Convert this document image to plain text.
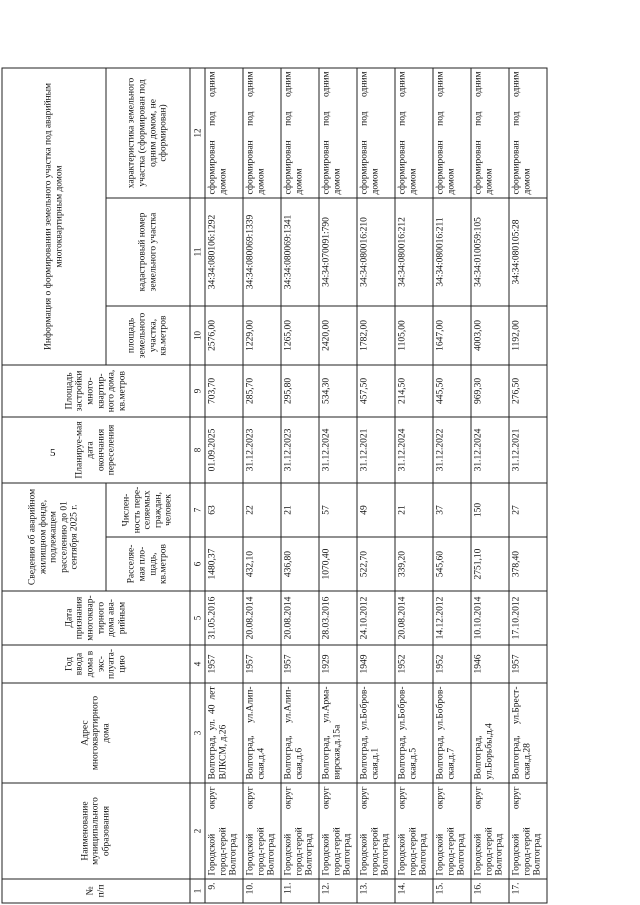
5
№ п/п	Наименование муниципального образования	Адрес многоквартирного дома	Год ввода дома в экс-плуата-цию	Дата признания многоквар-тирного дома ава-рийным	Сведения об аварийном жилищном фонде, подлежащем расселению до 01 сентября 2025 г.		Планируе-мая дата окончания переселения	Площадь застройки много-квартир-ного дома, кв.метров	Информация о формировании земельного участка под аварийным многоквартирным домом		
					Расселяе-мая пло-щадь, кв.метров	Числен-ность пере-селяемых граждан, человек			площадь земельного участка, кв.метров	кадастровый номер земельного участка	характеристика земельного участка (сформирован под одним домом, не сформирован)
1	2	3	4	5	6	7	8	9	10	11	12
9.	Городской округ город-герой Волгоград	Волгоград, ул. 40 лет ВЛКСМ, д.26	1957	31.05.2016	1480,37	63	01.09.2025	703,70	2576,00	34:34:080106:1292	сформирован под одним домом
10.	Городской округ город-герой Волгоград	Волгоград, ул.Алип-ская,д.4	1957	20.08.2014	432,10	22	31.12.2023	285,70	1229,00	34:34:080069:1339	сформирован под одним домом
11.	Городской округ город-герой Волгоград	Волгоград, ул.Алип-ская,д.6	1957	20.08.2014	436,80	21	31.12.2023	295,80	1265,00	34:34:080069:1341	сформирован под одним домом
12.	Городской округ город-герой Волгоград	Волгоград, ул.Арма-вирская,д.15а	1929	28.03.2016	1070,40	57	31.12.2024	534,30	2420,00	34:34:070091:790	сформирован под одним домом
13.	Городской округ город-герой Волгоград	Волгоград, ул.Бобров-ская,д.1	1949	24.10.2012	522,70	49	31.12.2021	457,50	1782,00	34:34:080016:210	сформирован под одним домом
14.	Городской округ город-герой Волгоград	Волгоград, ул.Бобров-ская,д.5	1952	20.08.2014	339,20	21	31.12.2024	214,50	1105,00	34:34:080016:212	сформирован под одним домом
15.	Городской округ город-герой Волгоград	Волгоград, ул.Бобров-ская,д.7	1952	14.12.2012	545,60	37	31.12.2022	445,50	1647,00	34:34:080016:211	сформирован под одним домом
16.	Городской округ город-герой Волгоград	Волгоград, ул.Борьбы,д.4	1946	10.10.2014	2751,10	150	31.12.2024	969,30	4003,00	34:34:010059:105	сформирован под одним домом
17.	Городской округ город-герой Волгоград	Волгоград, ул.Брест-ская,д.28	1957	17.10.2012	378,40	27	31.12.2021	276,50	1192,00	34:34:080105:28	сформирован под одним домом
